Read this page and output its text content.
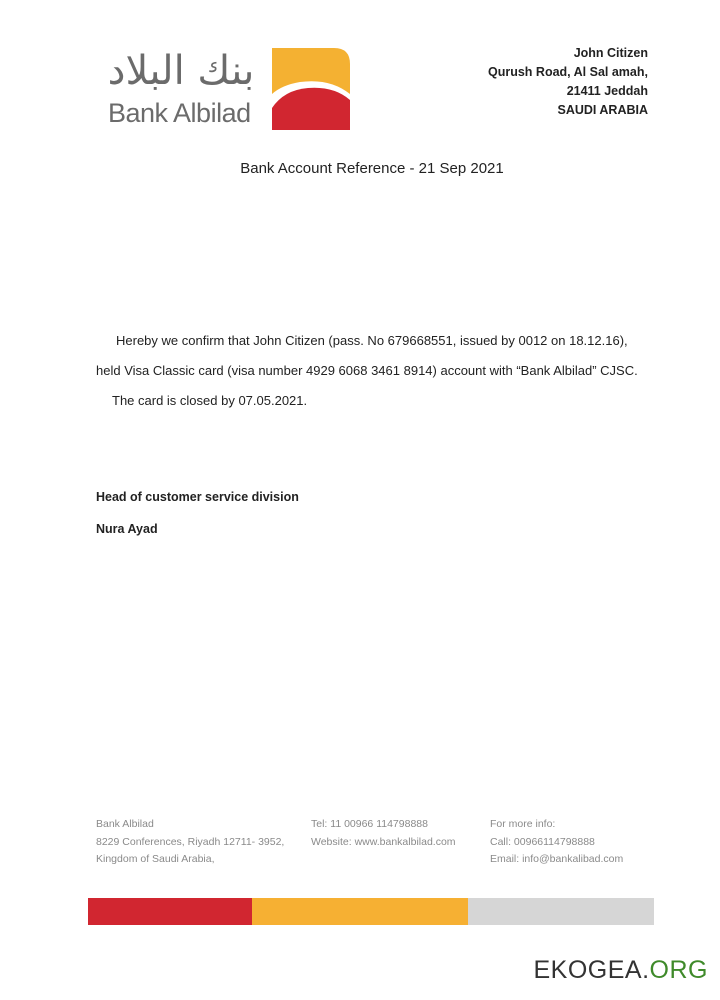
بنك البلاد
Bank Albilad
John Citizen
Qurush Road, Al Sal amah,
21411 Jeddah
SAUDI ARABIA
Bank Account Reference - 21 Sep 2021
Hereby we confirm that John Citizen (pass. No 679668551, issued by 0012 on 18.12.16),
held Visa Classic card (visa number 4929 6068 3461 8914) account with “Bank Albilad” CJSC.
The card is closed by 07.05.2021.
Head of customer service division
Nura Ayad
Bank Albilad
8229 Conferences, Riyadh 12711- 3952,
Kingdom of Saudi Arabia,
Tel: 11 00966 114798888
Website: www.bankalbilad.com
For more info:
Call: 00966114798888
Email: info@bankalibad.com
EKOGEA.ORG
